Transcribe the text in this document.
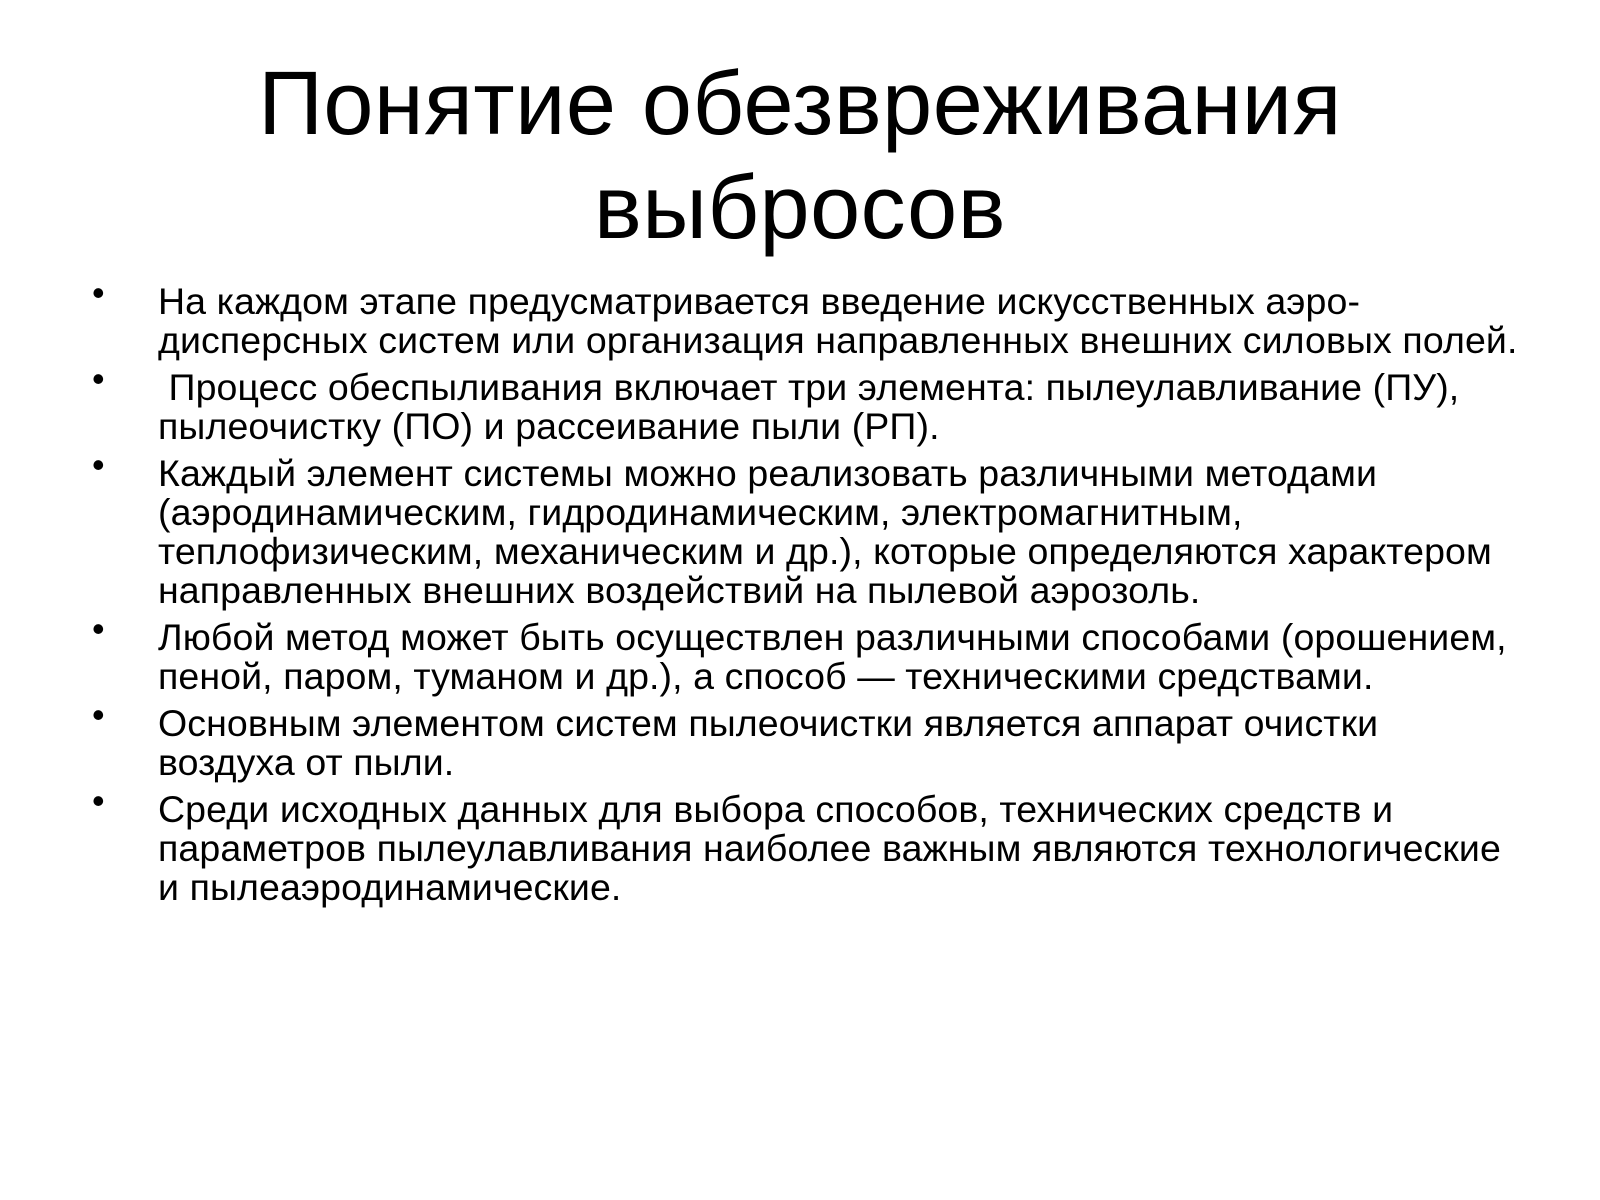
Понятие обезвреживания выбросов
• На каждом этапе предусматривается введение искусственных аэро-дисперсных систем или организация направленных внешних силовых полей.
• Процесс обеспыливания включает три элемента: пылеулавливание (ПУ), пылеочистку (ПО) и рассеивание пыли (РП).
• Каждый элемент системы можно реализовать различными методами (аэродинамическим, гидродинамическим, электромагнитным, теплофизическим, механическим и др.), которые определяются характером направленных внешних воздействий на пылевой аэрозоль.
• Любой метод может быть осуществлен различными способами (орошением, пеной, паром, туманом и др.), а способ — техническими средствами.
• Основным элементом систем пылеочистки является аппарат очистки воздуха от пыли.
• Среди исходных данных для выбора способов, технических средств и параметров пылеулавливания наиболее важным являются технологические и пылеаэродинамические.
